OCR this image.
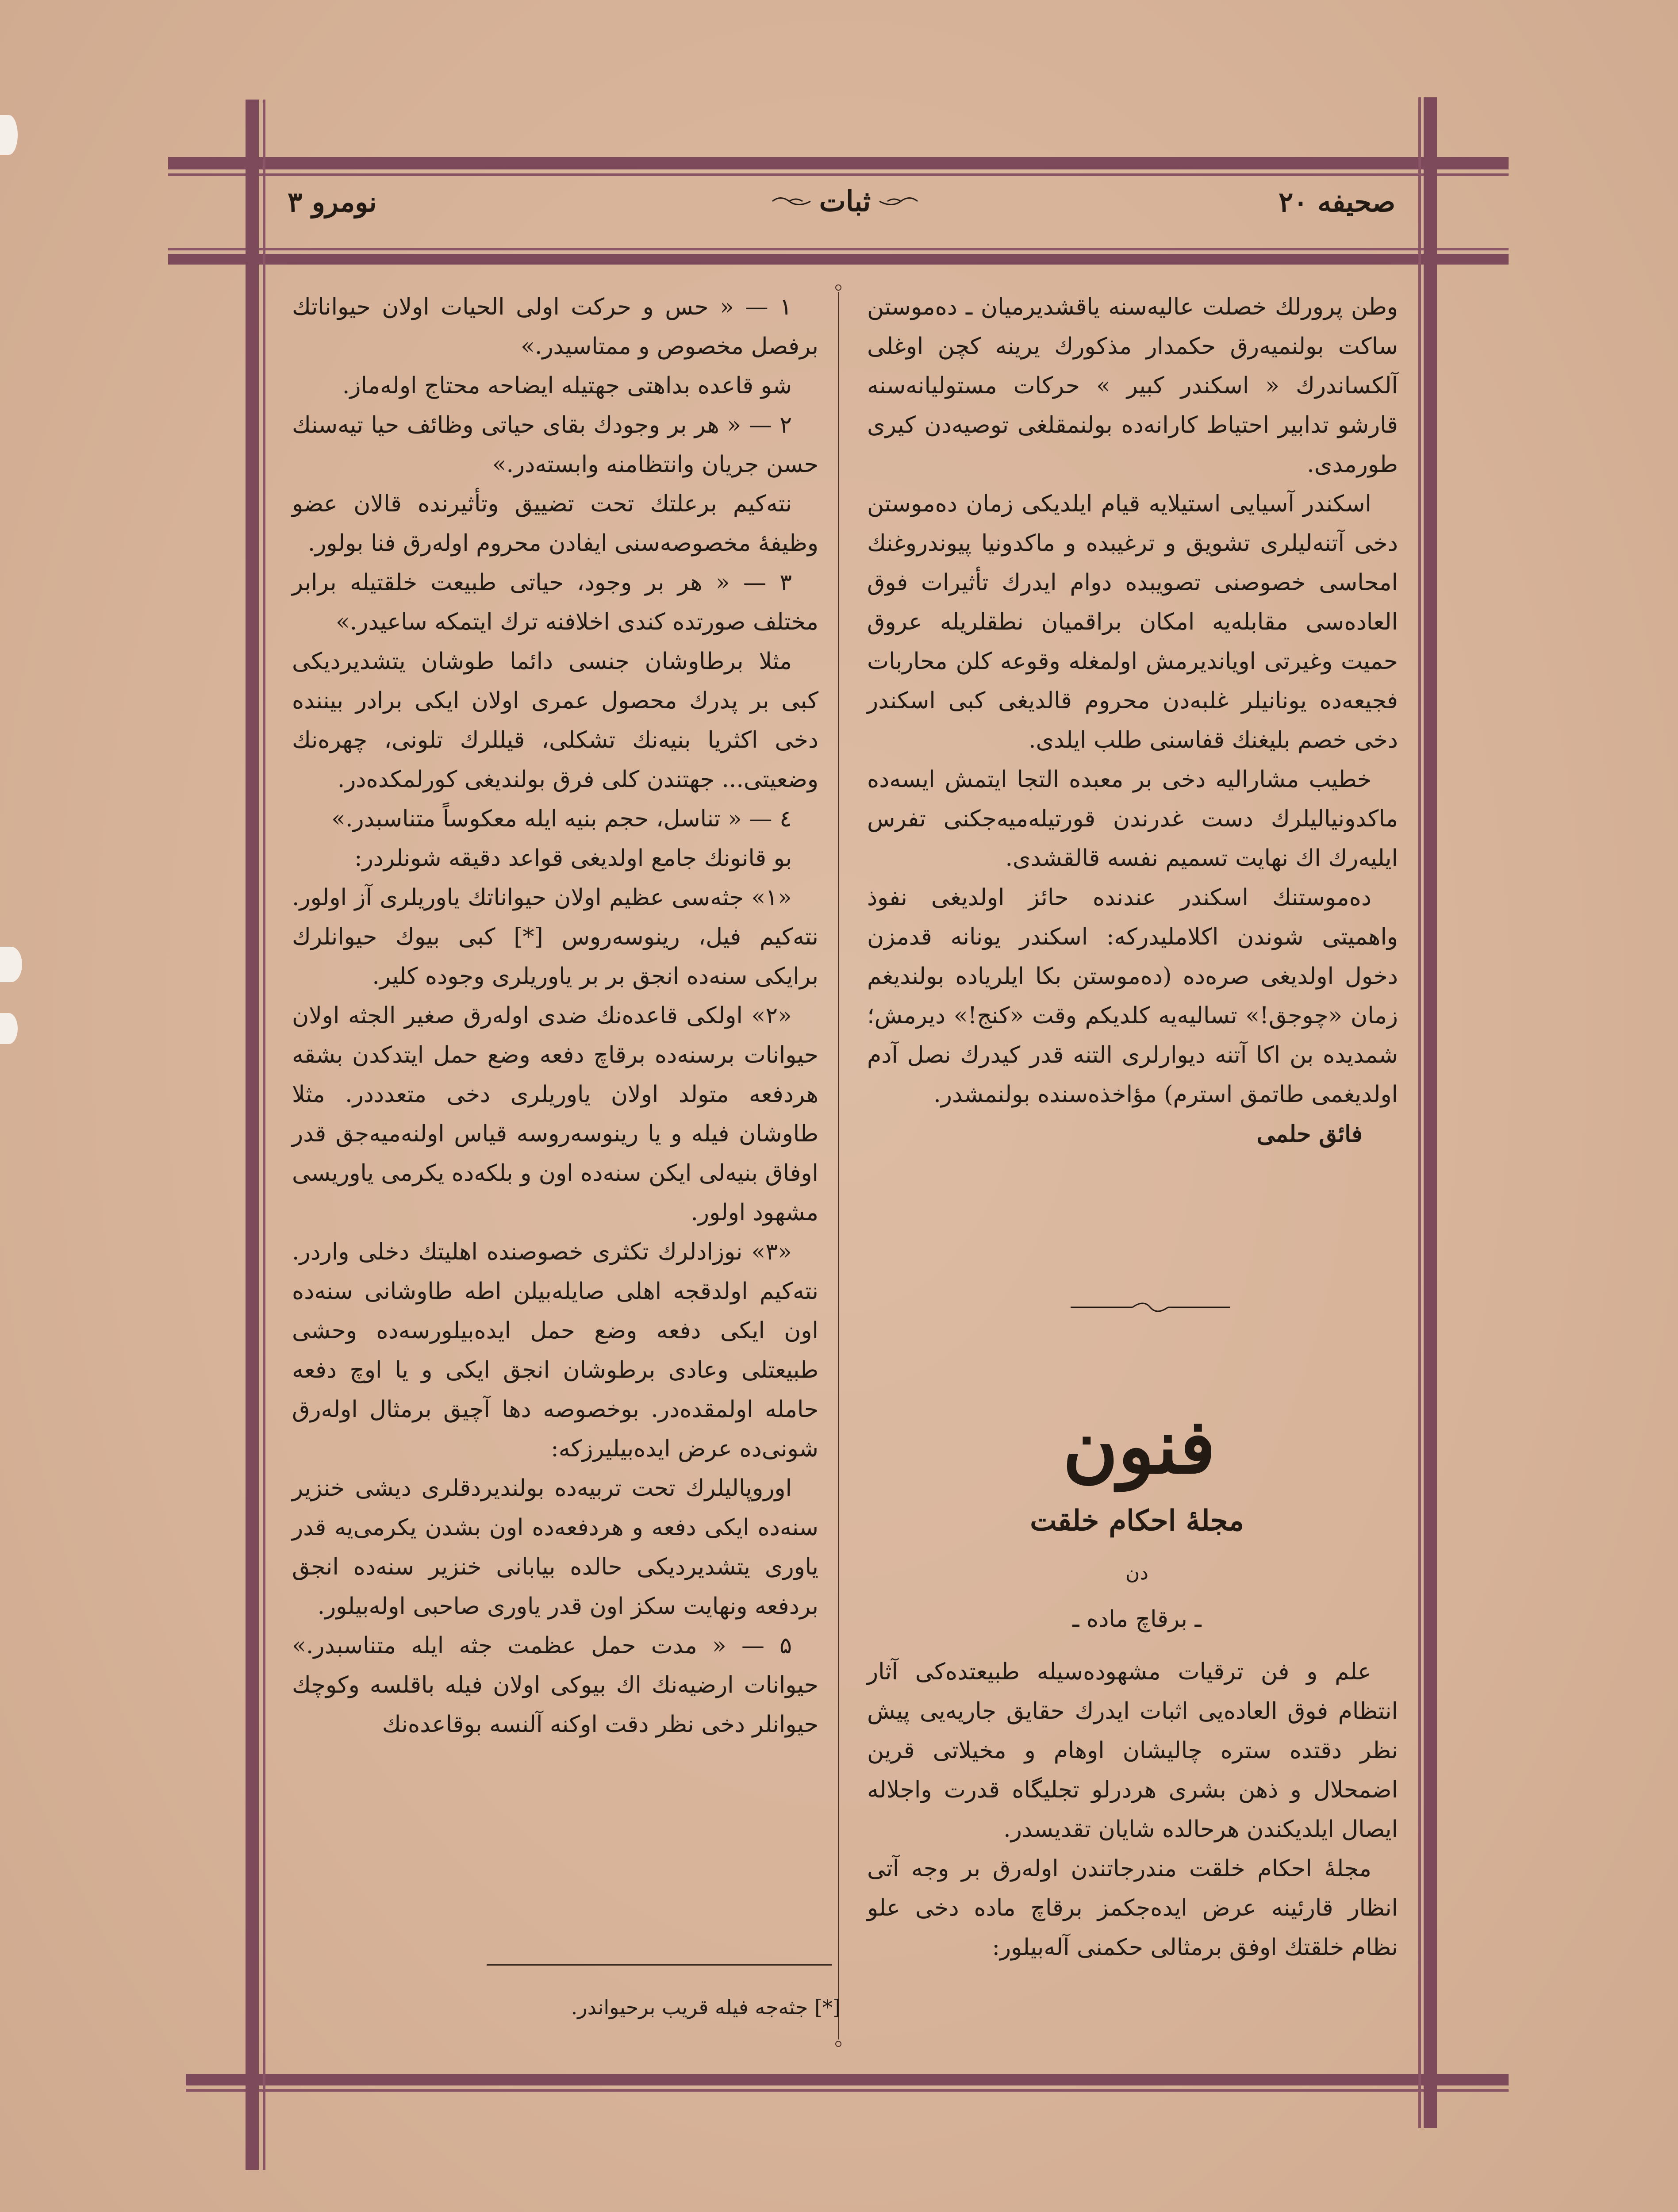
صحیفه ۲۰
نومرو ۳	ثبات

وطن پرورلك خصلت عالیه‌سنه یاقشدیرمیان ـ دەموستن ساکت بولنمیه‌رق حکمدار مذکورك یرینه کچن اوغلی آلکساندرك « اسکندر کبیر » حرکات مستولیانه‌سنه قارشو تدابیر احتیاط کارانه‌ده بولنمقلغی توصیه‌دن کیری طورمدی.

اسکندر آسیایی استیلایه قیام ایلدیکی زمان دەموستن دخی آتنه‌لیلری تشویق و ترغیبده و ماکدونیا پیوندروغنك امحاسی خصوصنی تصویبده دوام ایدرك تأثیرات فوق العاده‌سی مقابله‌یه امکان براقمیان نطقلریله عروق حمیت وغیرتی اویاندیرمش اولمغله وقوعه کلن محاربات فجیعه‌ده یونانیلر غلبه‌دن محروم قالدیغی کبی اسکندر دخی خصم بلیغنك قفاسنی طلب ایلدی.

خطیب مشارالیه دخی بر معبده التجا ایتمش ایسه‌ده ماکدونیالیلرك دست غدرندن قورتیله‌میه‌جکنی تفرس ایلیه‌رك اك نهایت تسمیم نفسه قالقشدی.

دەموستنك اسکندر عندنده حائز اولدیغی نفوذ واهمیتی شوندن اکلاملیدرکه: اسکندر یونانه قدمزن دخول اولدیغی صرەده (دەموستن بکا ایلریاده بولندیغم زمان «چوجق!» تسالیه‌یه کلدیکم وقت «کنج!» دیرمش؛ شمدیده بن اکا آتنه دیوارلری التنه قدر کیدرك نصل آدم اولدیغمی طاتمق استرم) مؤاخذه‌سنده بولنمشدر.

فائق حلمی

فنون
مجلهٔ احکام خلقت
دن
ـ برقاچ ماده ـ

علم و فن ترقیات مشهوده‌سیله طبیعتده‌کی آثار انتظام فوق العاده‌یی اثبات ایدرك حقایق جاریه‌یی پیش نظر دقتده ستره چالیشان اوهام و مخیلاتی قرین اضمحلال و ذهن بشری هردرلو تجلیگاه قدرت واجلاله ایصال ایلدیکندن هرحالده شایان تقدیسدر.

مجلهٔ احکام خلقت مندرجاتندن اوله‌رق بر وجه آتی انظار قارئینه عرض ایده‌جکمز برقاچ ماده دخی علو نظام خلقتك اوفق برمثالی حکمنی آله‌بیلور:

۱ — « حس و حرکت اولی الحیات اولان حیواناتك برفصل مخصوص و ممتاسیدر.»

شو قاعده بداهتی جهتیله ایضاحه محتاج اوله‌ماز.

۲ — « هر بر وجودك بقای حیاتی وظائف حیا تیه‌سنك حسن جریان وانتظامنه وابسته‌در.»

نته‌کیم برعلتك تحت تضییق وتأثیرنده قالان عضو وظیفهٔ مخصوصه‌سنی ایفادن محروم اوله‌رق فنا بولور.

۳ — « هر بر وجود، حیاتی طبیعت خلقتیله برابر مختلف صورتده کندی اخلافنه ترك ایتمکه ساعیدر.»

مثلا برطاوشان جنسی دائما طوشان یتشدیردیکی کبی بر پدرك محصول عمری اولان ایکی برادر بیننده دخی اکثریا بنیه‌نك تشکلی، قیللرك تلونی، چهره‌نك وضعیتی... جهتندن کلی فرق بولندیغی کورلمکده‌در.

٤ — « تناسل، حجم بنیه ایله معکوساً متناسبدر.»

بو قانونك جامع اولدیغی قواعد دقیقه شونلردر:

«۱» جثه‌سی عظیم اولان حیواناتك یاوریلری آز اولور. نته‌کیم فیل، رینوسه‌روس [*] کبی بیوك حیوانلرك برایکی سنه‌ده انجق بر بر یاوریلری وجوده کلیر.

«۲» اولکی قاعده‌نك ضدی اوله‌رق صغیر الجثه اولان حیوانات برسنه‌ده برقاچ دفعه وضع حمل ایتدکدن بشقه هردفعه متولد اولان یاوریلری دخی متعدددر. مثلا طاوشان فیله و یا رینوسه‌روسه قیاس اولنه‌میه‌جق قدر اوفاق بنیه‌لی ایکن سنه‌ده اون و بلکه‌ده یکرمی یاوریسی مشهود اولور.

«۳» نوزادلرك تکثری خصوصنده اهلیتك دخلی واردر. نته‌کیم اولدقجه اهلی صایلەبیلن اطه طاوشانی سنه‌ده اون ایکی دفعه وضع حمل ایده‌بیلورسه‌ده وحشی طبیعتلی وعادی برطوشان انجق ایکی و یا اوچ دفعه حامله اولمقده‌در. بوخصوصه دها آچیق برمثال اوله‌رق شونی‌ده عرض ایده‌بیلیرزکه:

اوروپالیلرك تحت تربیه‌ده بولندیردقلری دیشی خنزیر سنه‌ده ایکی دفعه و هردفعه‌ده اون بشدن یکرمی‌یه قدر یاوری یتشدیردیکی حالده بیابانی خنزیر سنه‌ده انجق بردفعه ونهایت سکز اون قدر یاوری صاحبی اوله‌بیلور.

۵ — « مدت حمل عظمت جثه ایله متناسبدر.» حیوانات ارضیه‌نك اك بیوکی اولان فیله باقلسه وکوچك حیوانلر دخی نظر دقت اوکنه آلنسه بوقاعده‌نك

[*] جثه‌جه فیله قریب برحیواندر.
